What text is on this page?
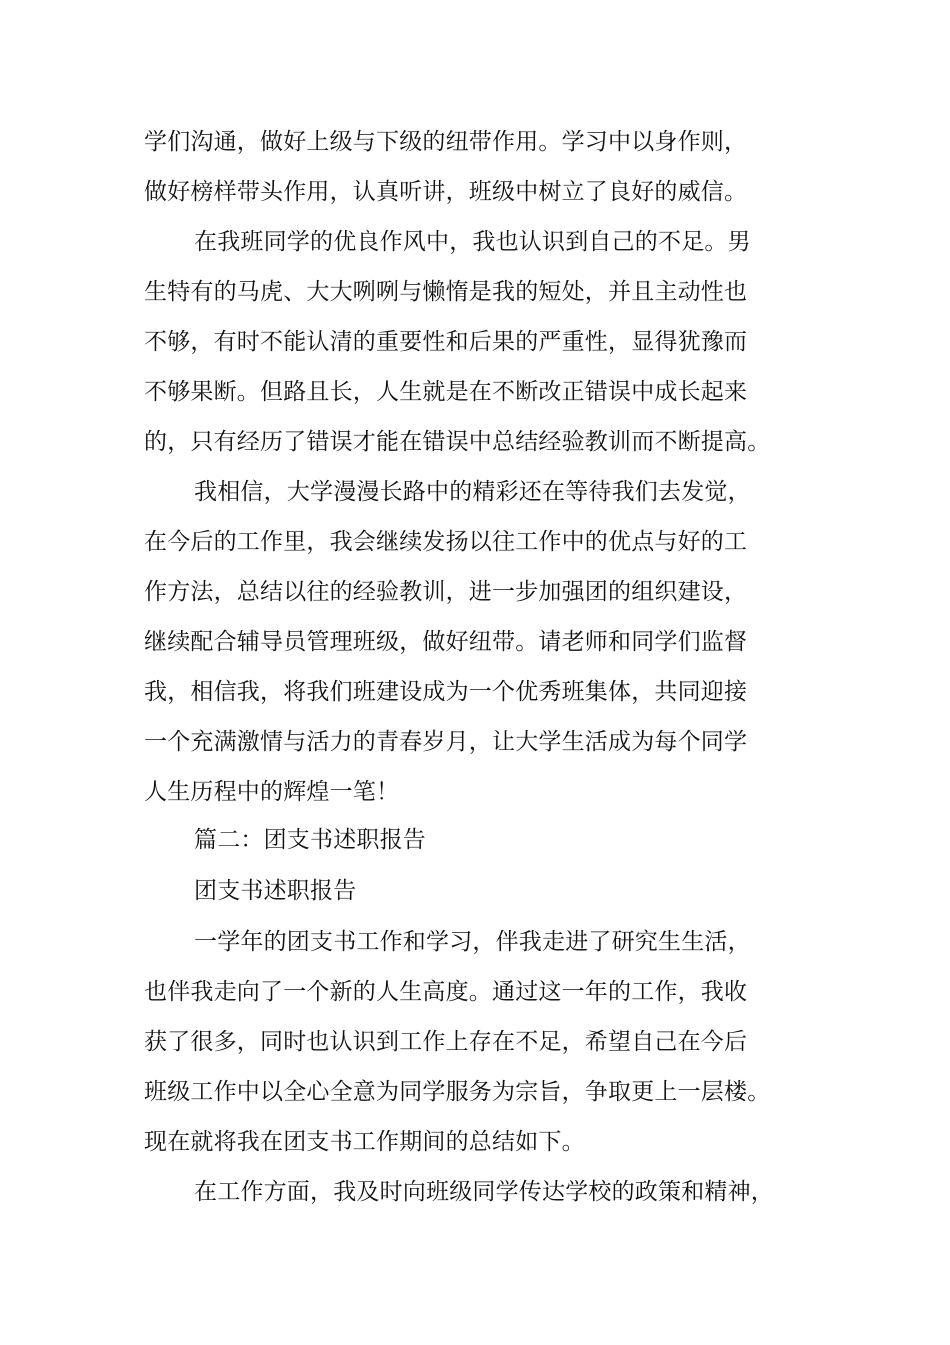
学们沟通，做好上级与下级的纽带作用。学习中以身作则，
做好榜样带头作用，认真听讲，班级中树立了良好的威信。
在我班同学的优良作风中，我也认识到自己的不足。男
生特有的马虎、大大咧咧与懒惰是我的短处，并且主动性也
不够，有时不能认清的重要性和后果的严重性，显得犹豫而
不够果断。但路且长，人生就是在不断改正错误中成长起来
的，只有经历了错误才能在错误中总结经验教训而不断提高。
我相信，大学漫漫长路中的精彩还在等待我们去发觉，
在今后的工作里，我会继续发扬以往工作中的优点与好的工
作方法，总结以往的经验教训，进一步加强团的组织建设，
继续配合辅导员管理班级，做好纽带。请老师和同学们监督
我，相信我，将我们班建设成为一个优秀班集体，共同迎接
一个充满激情与活力的青春岁月，让大学生活成为每个同学
人生历程中的辉煌一笔！
篇二：团支书述职报告
团支书述职报告
一学年的团支书工作和学习，伴我走进了研究生生活，
也伴我走向了一个新的人生高度。通过这一年的工作，我收
获了很多，同时也认识到工作上存在不足，希望自己在今后
班级工作中以全心全意为同学服务为宗旨，争取更上一层楼。
现在就将我在团支书工作期间的总结如下。
在工作方面，我及时向班级同学传达学校的政策和精神，
